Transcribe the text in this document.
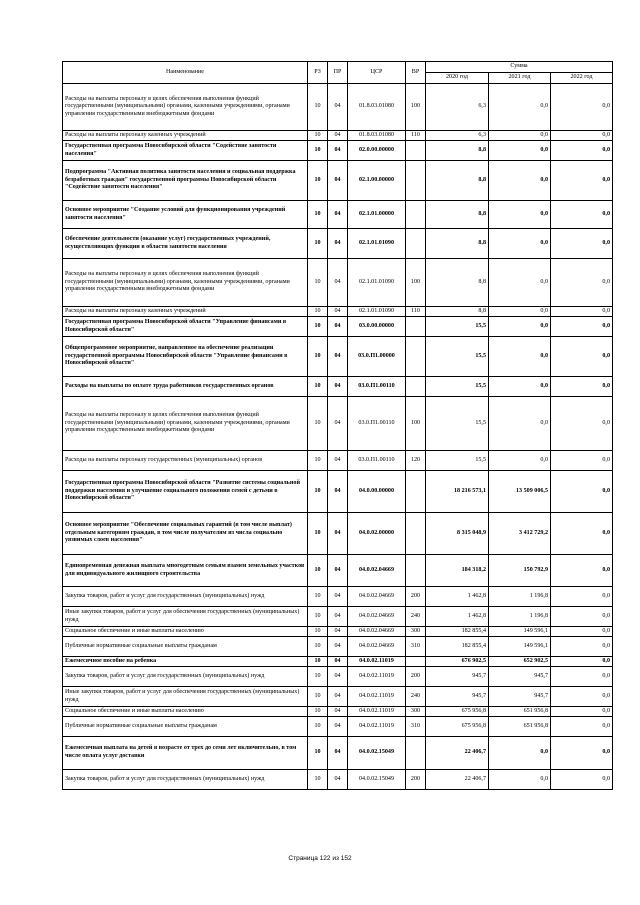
Наименование	РЗ	ПР	ЦСР	ВР	Сумма		
					2020 год	2021 год	2022 год
Расходы на выплаты персоналу в целях обеспечения выполнения функций государственными (муниципальными) органами, казенными учреждениями, органами управления государственными внебюджетными фондами	10	04	01.8.03.01080	100	6,3	0,0	0,0
Расходы на выплаты персоналу казенных учреждений	10	04	01.8.03.01080	110	6,3	0,0	0,0
Государственная программа Новосибирской области "Содействие занятости населения"	10	04	02.0.00.00000		8,8	0,0	0,0
Подпрограмма "Активная политика занятости населения и социальная поддержка безработных граждан" государственной программы Новосибирской области "Содействие занятости населения"	10	04	02.1.00.00000		8,8	0,0	0,0
Основное мероприятие "Создание условий для функционирования учреждений занятости населения"	10	04	02.1.01.00000		8,8	0,0	0,0
Обеспечение деятельности (оказание услуг) государственных учреждений, осуществляющих функции в области занятости населения	10	04	02.1.01.01090		8,8	0,0	0,0
Расходы на выплаты персоналу в целях обеспечения выполнения функций государственными (муниципальными) органами, казенными учреждениями, органами управления государственными внебюджетными фондами	10	04	02.1.01.01090	100	8,8	0,0	0,0
Расходы на выплаты персоналу казенных учреждений	10	04	02.1.01.01090	110	8,8	0,0	0,0
Государственная программа Новосибирской области "Управление финансами в Новосибирской области"	10	04	03.0.00.00000		15,5	0,0	0,0
Общепрограммное мероприятие, направленное на обеспечение реализации государственной программы Новосибирской области "Управление финансами в Новосибирской области"	10	04	03.0.П1.00000		15,5	0,0	0,0
Расходы на выплаты по оплате труда работников государственных органов	10	04	03.0.П1.00110		15,5	0,0	0,0
Расходы на выплаты персоналу в целях обеспечения выполнения функций государственными (муниципальными) органами, казенными учреждениями, органами управления государственными внебюджетными фондами	10	04	03.0.П1.00110	100	15,5	0,0	0,0
Расходы на выплаты персоналу государственных (муниципальных) органов	10	04	03.0.П1.00110	120	15,5	0,0	0,0
Государственная программа Новосибирской области "Развитие системы социальной поддержки населения и улучшение социального положения семей с детьми в Новосибирской области"	10	04	04.0.00.00000		18 216 573,1	13 509 006,5	0,0
Основное мероприятие "Обеспечение социальных гарантий (в том числе выплат) отдельным категориям граждан, в том числе получателям из числа социально уязвимых слоев населения"	10	04	04.0.02.00000		8 315 048,9	3 412 729,2	0,0
Единовременная денежная выплата многодетным семьям взамен земельных участков для индивидуального жилищного строительства	10	04	04.0.02.04669		184 318,2	150 792,9	0,0
Закупка товаров, работ и услуг для государственных (муниципальных) нужд	10	04	04.0.02.04669	200	1 462,8	1 196,8	0,0
Иные закупки товаров, работ и услуг для обеспечения государственных (муниципальных) нужд	10	04	04.0.02.04669	240	1 462,8	1 196,8	0,0
Социальное обеспечение и иные выплаты населению	10	04	04.0.02.04669	300	182 855,4	149 596,1	0,0
Публичные нормативные социальные выплаты гражданам	10	04	04.0.02.04669	310	182 855,4	149 596,1	0,0
Ежемесячное пособие на ребенка	10	04	04.0.02.11019		676 902,5	652 902,5	0,0
Закупка товаров, работ и услуг для государственных (муниципальных) нужд	10	04	04.0.02.11019	200	945,7	945,7	0,0
Иные закупки товаров, работ и услуг для обеспечения государственных (муниципальных) нужд	10	04	04.0.02.11019	240	945,7	945,7	0,0
Социальное обеспечение и иные выплаты населению	10	04	04.0.02.11019	300	675 956,8	651 956,8	0,0
Публичные нормативные социальные выплаты гражданам	10	04	04.0.02.11019	310	675 956,8	651 956,8	0,0
Ежемесячная выплата на детей в возрасте от трех до семи лет включительно, в том числе оплата услуг доставки	10	04	04.0.02.15049		22 406,7	0,0	0,0
Закупка товаров, работ и услуг для государственных (муниципальных) нужд	10	04	04.0.02.15049	200	22 406,7	0,0	0,0
Страница 122 из 152
